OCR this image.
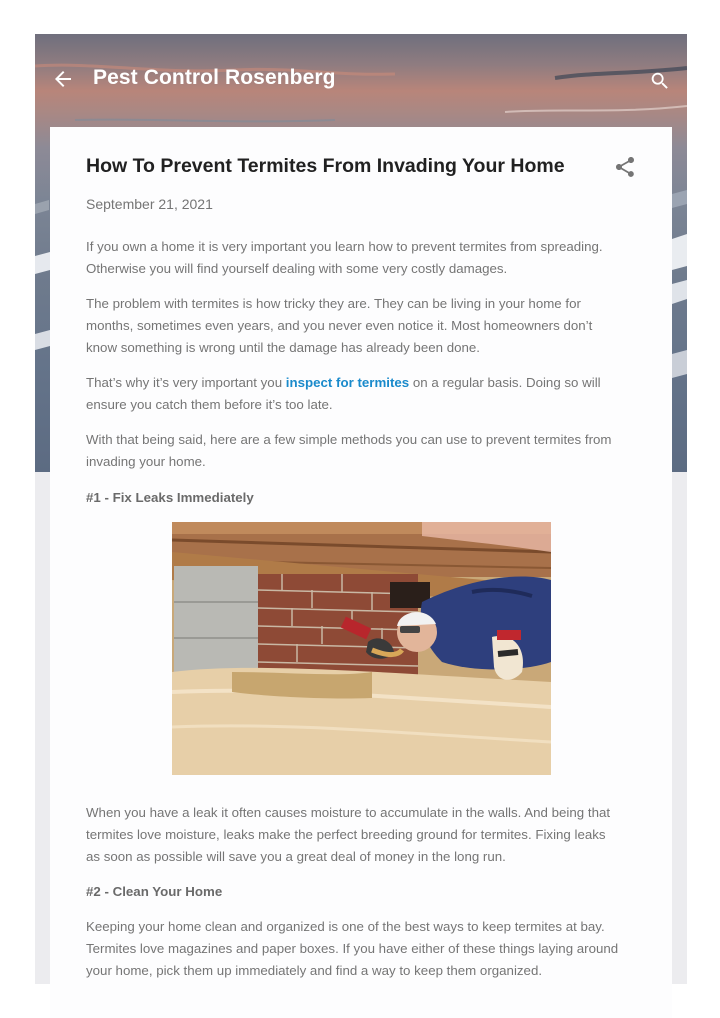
Pest Control Rosenberg
How To Prevent Termites From Invading Your Home
September 21, 2021
If you own a home it is very important you learn how to prevent termites from spreading.
Otherwise you will find yourself dealing with some very costly damages.
The problem with termites is how tricky they are. They can be living in your home for
months, sometimes even years, and you never even notice it. Most homeowners don’t
know something is wrong until the damage has already been done.
That’s why it’s very important you inspect for termites on a regular basis. Doing so will
ensure you catch them before it’s too late.
With that being said, here are a few simple methods you can use to prevent termites from
invading your home.
#1 - Fix Leaks Immediately
When you have a leak it often causes moisture to accumulate in the walls. And being that
termites love moisture, leaks make the perfect breeding ground for termites. Fixing leaks
as soon as possible will save you a great deal of money in the long run.
#2 - Clean Your Home
Keeping your home clean and organized is one of the best ways to keep termites at bay.
Termites love magazines and paper boxes. If you have either of these things laying around
your home, pick them up immediately and find a way to keep them organized.
